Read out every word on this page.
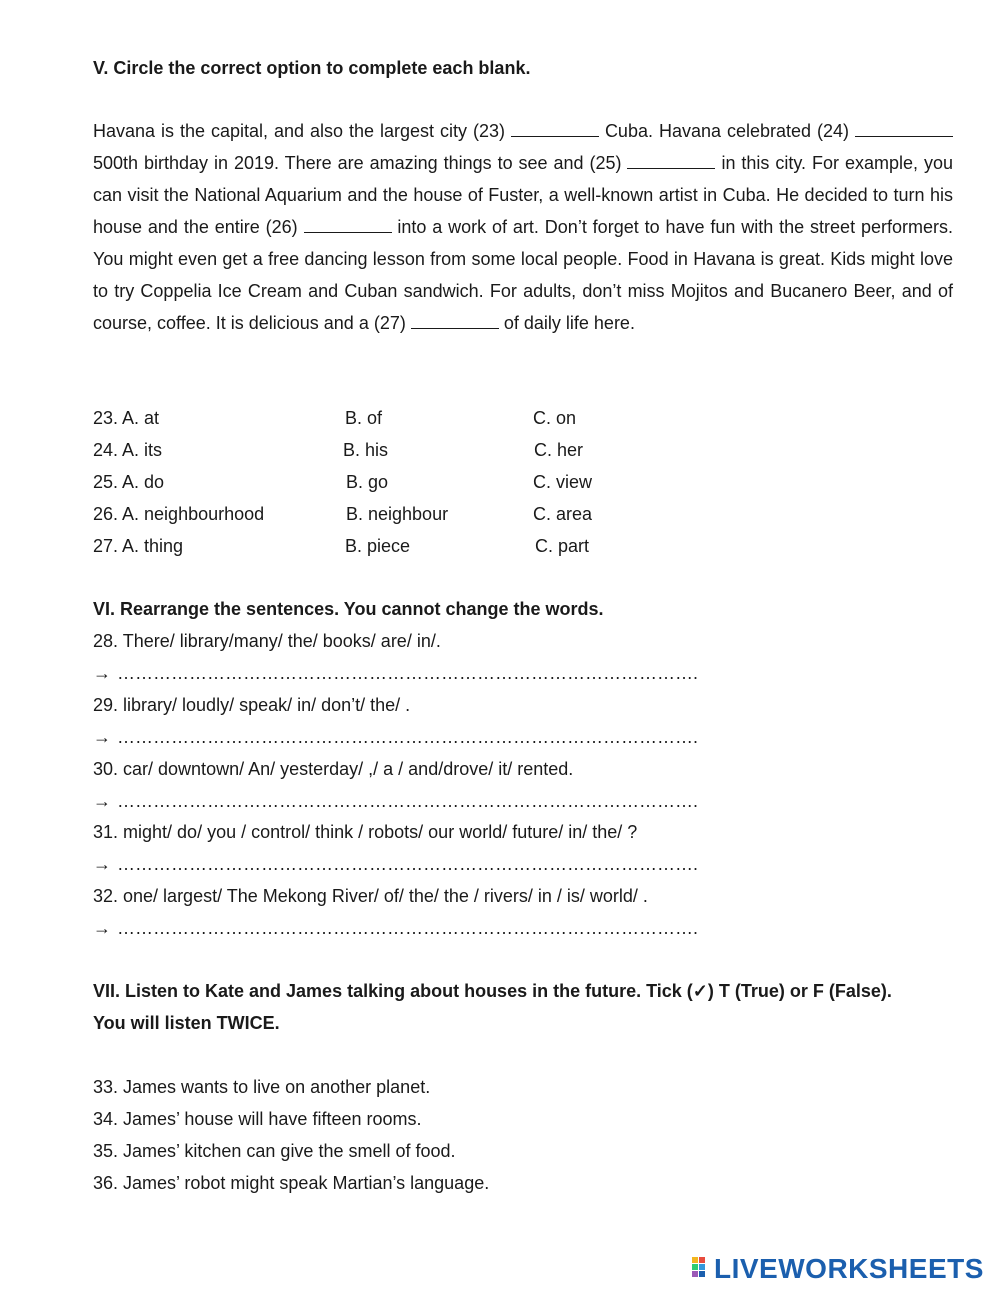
V. Circle the correct option to complete each blank.
Havana is the capital, and also the largest city (23)	Cuba. Havana celebrated (24)  500th birthday in 2019. There are amazing things to see and (25)	in this city. For example, you can visit the National Aquarium and the house of Fuster, a well-known artist in Cuba. He decided to turn his house and the entire (26)	into a work of art. Don’t forget to have fun with the street performers. You might even get a free dancing lesson from some local people. Food in Havana is great. Kids might love to try Coppelia Ice Cream and Cuban sandwich. For adults, don’t miss Mojitos and Bucanero Beer, and of course, coffee. It is delicious and a (27)	of daily life here.
23. A. at	B. of	C. on
24. A. its	B. his	C. her
25. A. do	B. go	C. view
26. A. neighbourhood	B. neighbour	C. area
27. A. thing	B. piece	C. part
VI. Rearrange the sentences. You cannot change the words.
28. There/ library/many/ the/ books/ are/ in/.
→ …………………………………………………………………………………….
29. library/ loudly/ speak/ in/ don’t/ the/ .
→ …………………………………………………………………………………….
30. car/ downtown/ An/ yesterday/ ,/ a / and/drove/ it/ rented.
→ …………………………………………………………………………………….
31. might/ do/ you / control/ think / robots/ our world/ future/ in/ the/ ?
→ …………………………………………………………………………………….
32. one/ largest/ The Mekong River/ of/ the/ the / rivers/ in / is/ world/ .
→ …………………………………………………………………………………….
VII. Listen to Kate and James talking about houses in the future. Tick (✓) T (True) or F (False).
You will listen TWICE.
33. James wants to live on another planet.
34. James’ house will have fifteen rooms.
35. James’ kitchen can give the smell of food.
36. James’ robot might speak Martian’s language.
LIVEWORKSHEETS
